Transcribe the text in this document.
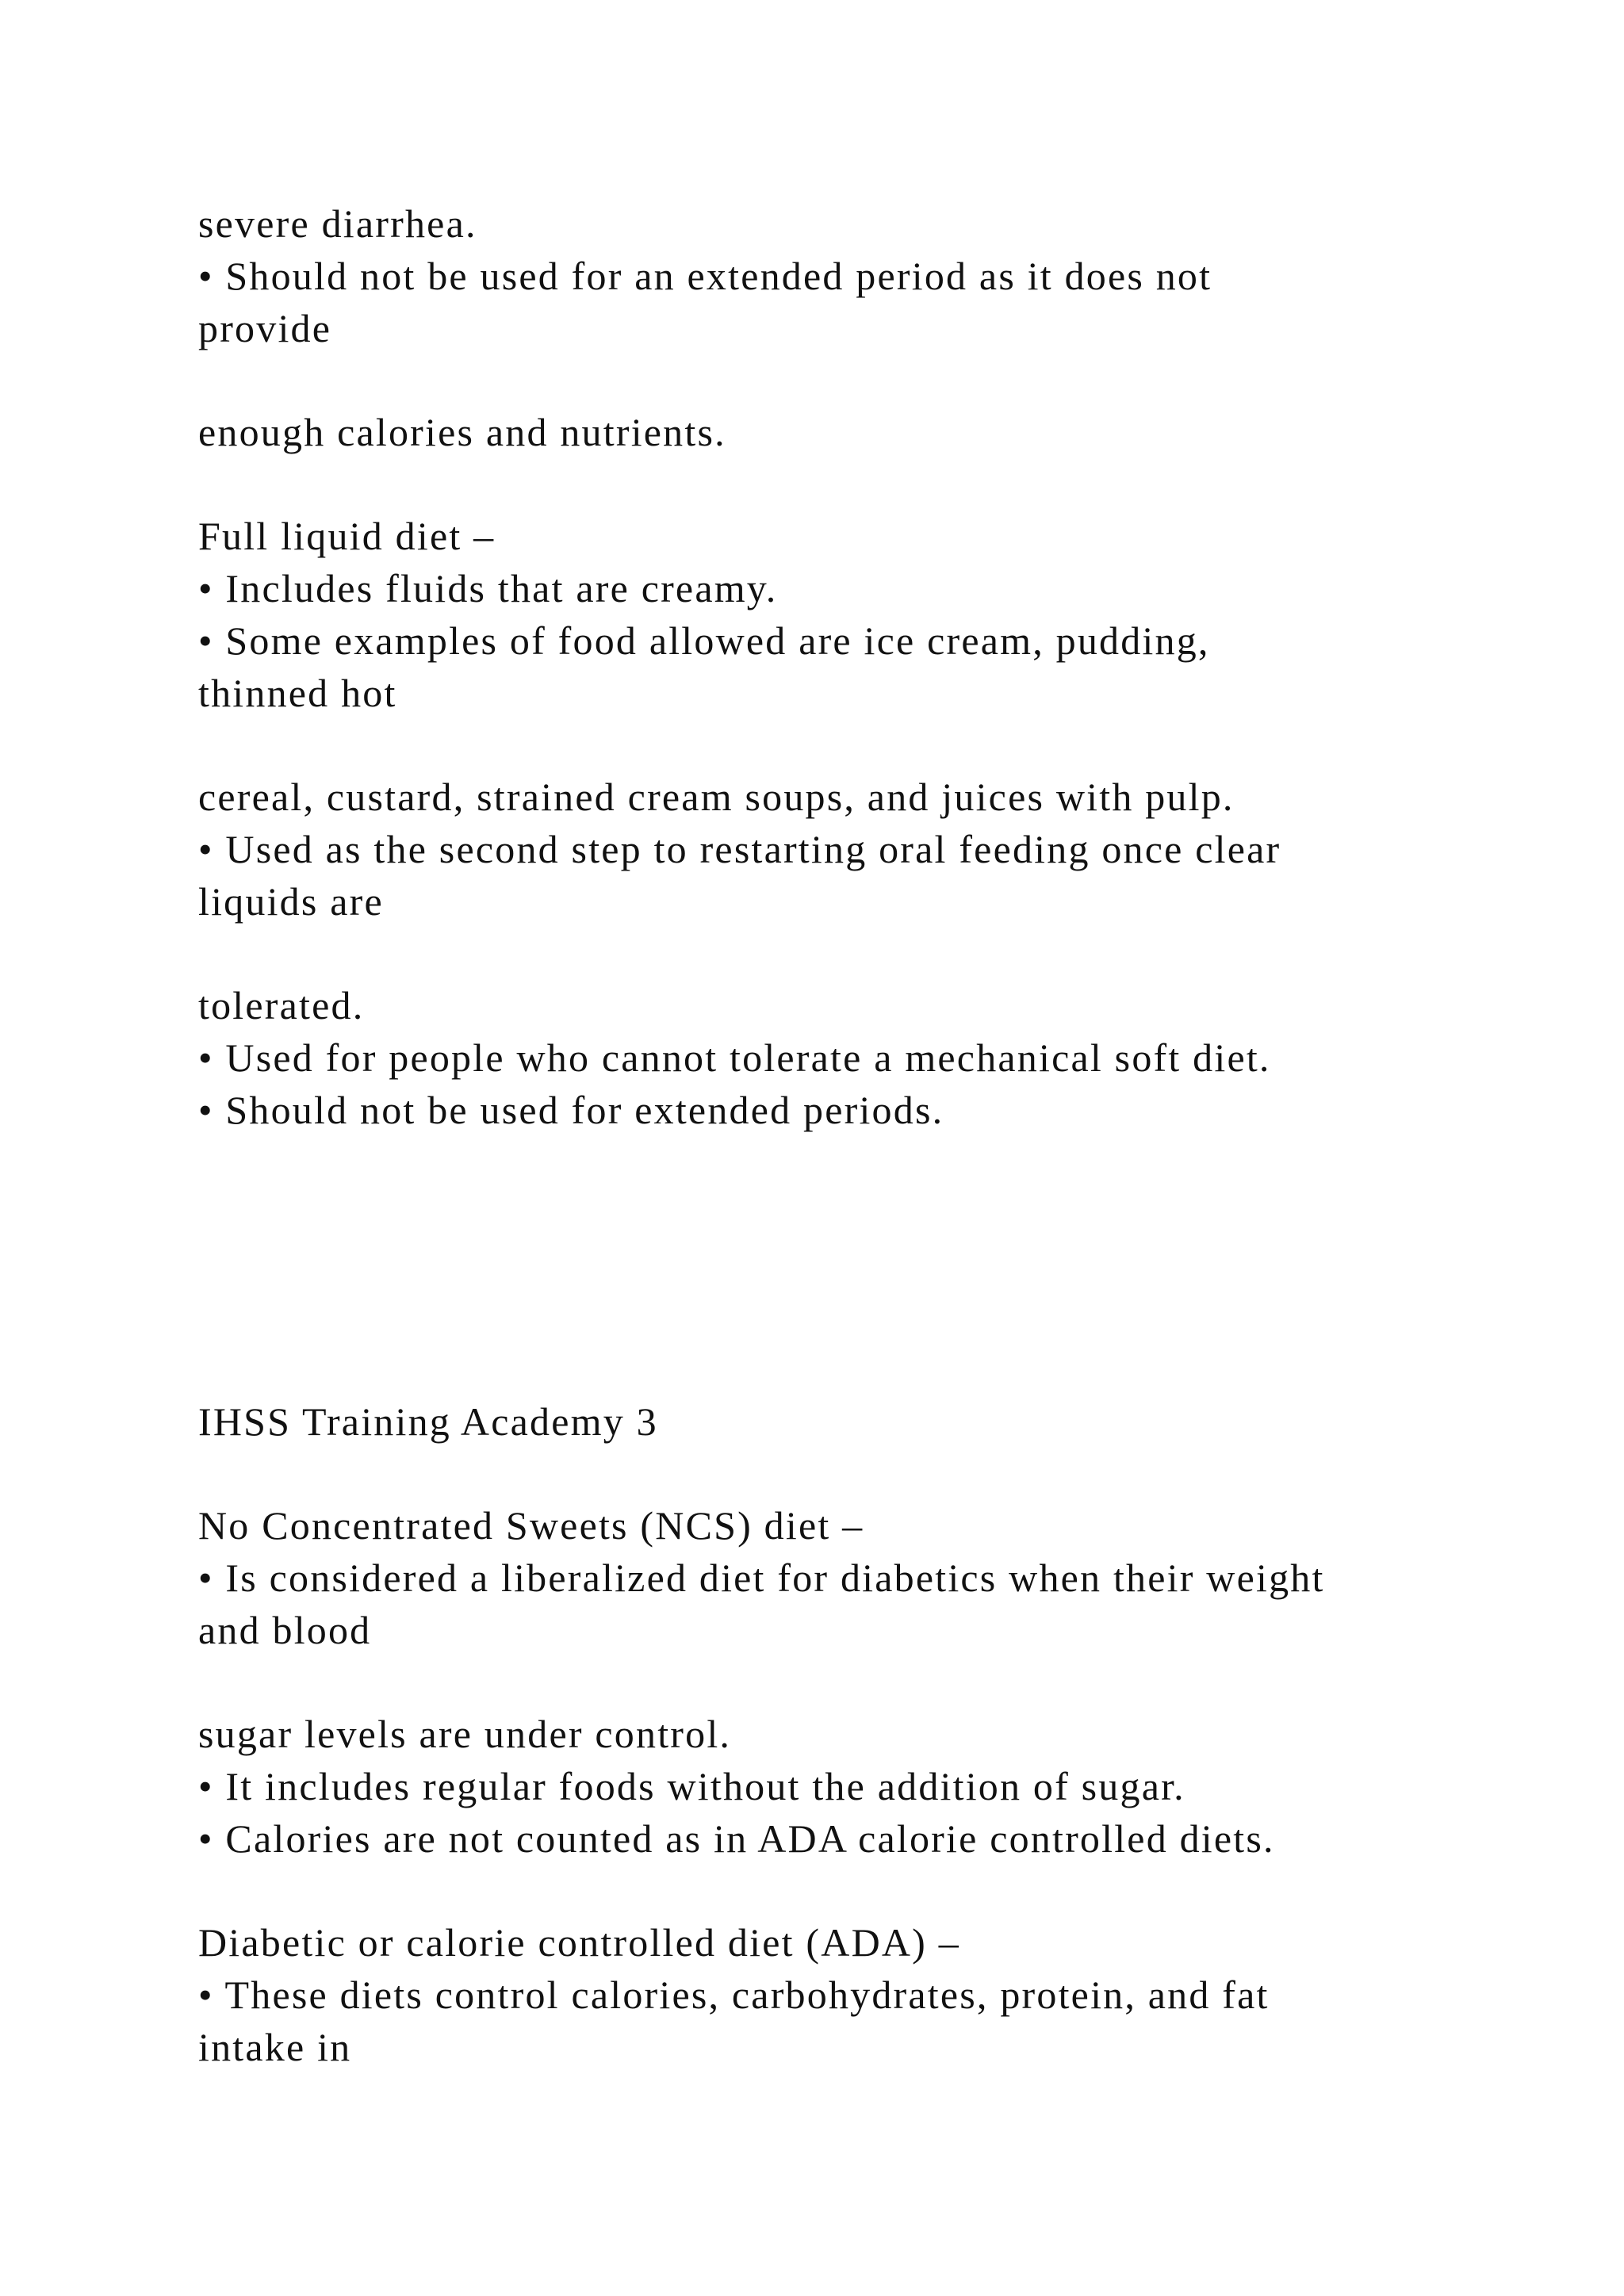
severe diarrhea.

• Should not be used for an extended period as it does not

provide

enough calories and nutrients.

Full liquid diet –

• Includes fluids that are creamy.

• Some examples of food allowed are ice cream, pudding,

thinned hot

cereal, custard, strained cream soups, and juices with pulp.

• Used as the second step to restarting oral feeding once clear

liquids are

tolerated.

• Used for people who cannot tolerate a mechanical soft diet.

• Should not be used for extended periods.

IHSS Training Academy 3

No Concentrated Sweets (NCS) diet –

• Is considered a liberalized diet for diabetics when their weight

and blood

sugar levels are under control.

• It includes regular foods without the addition of sugar.

• Calories are not counted as in ADA calorie controlled diets.

Diabetic or calorie controlled diet (ADA) –

• These diets control calories, carbohydrates, protein, and fat

intake in
